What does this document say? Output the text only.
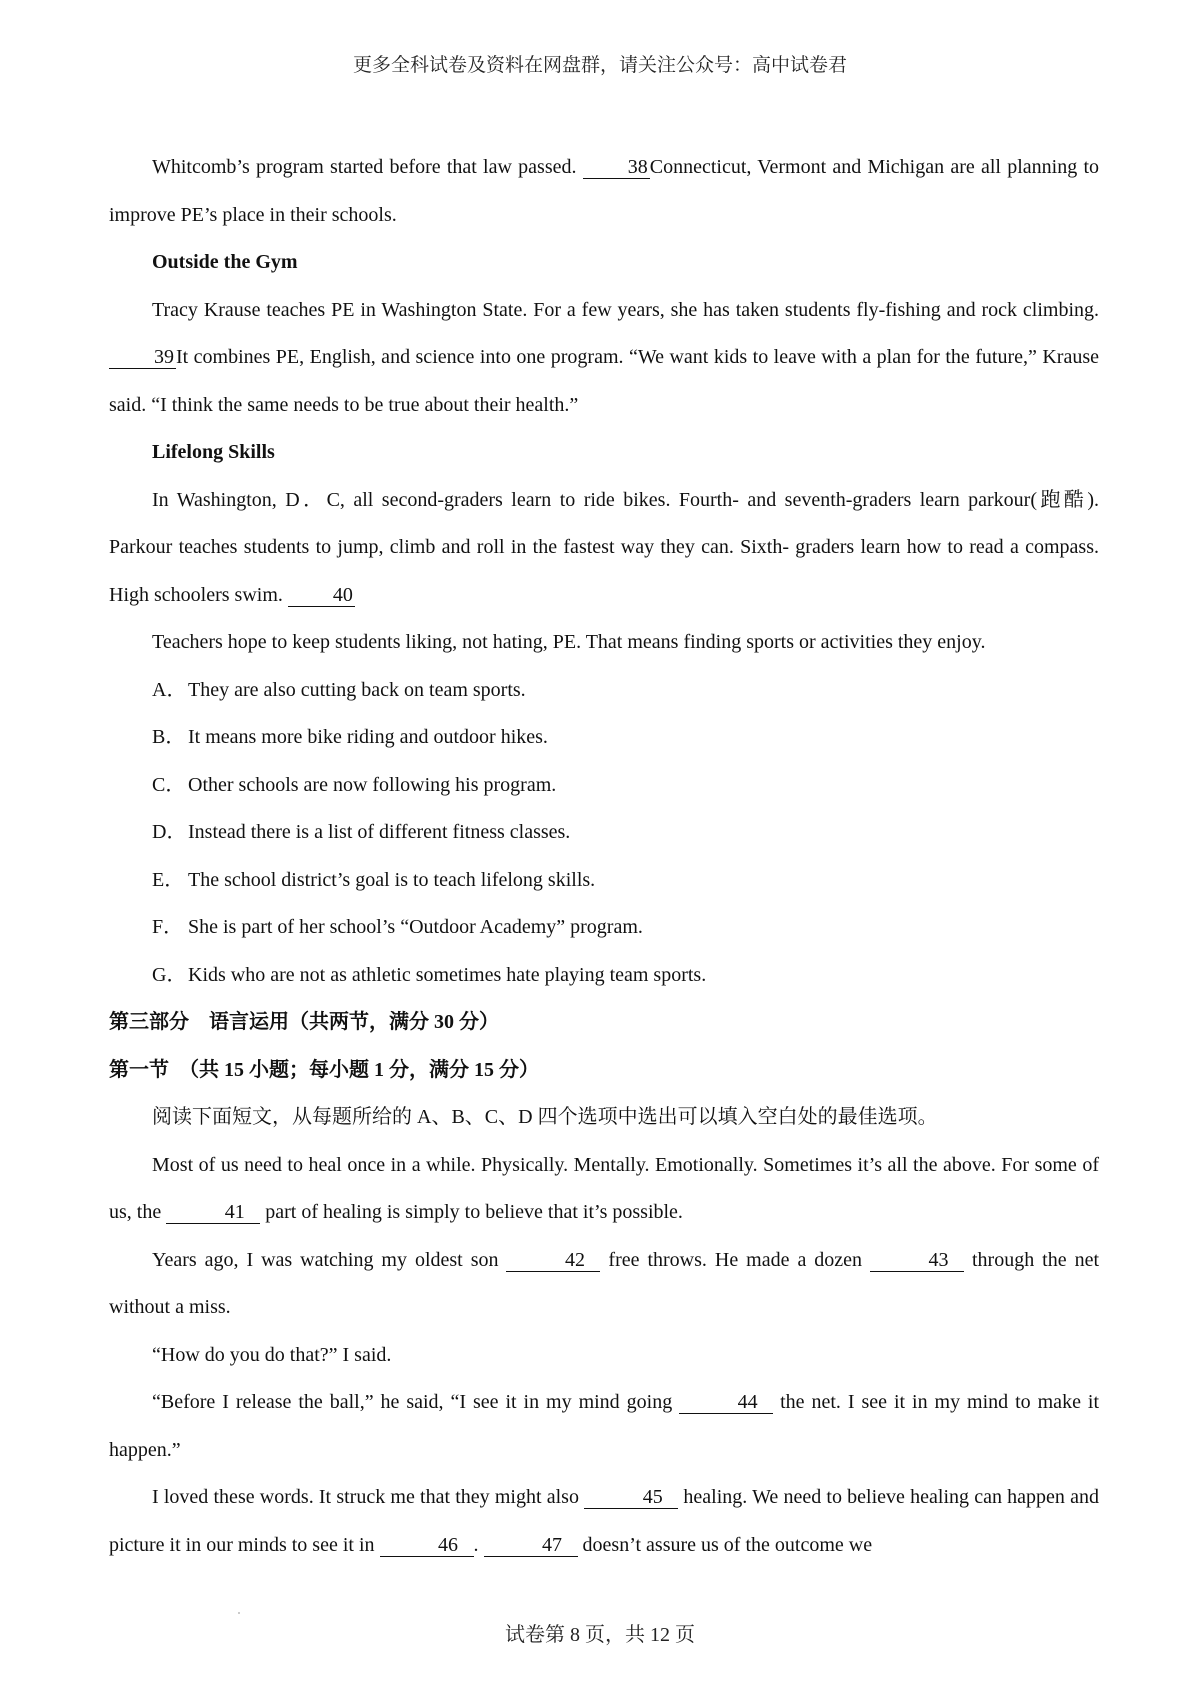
更多全科试卷及资料在网盘群，请关注公众号：高中试卷君

Whitcomb’s program started before that law passed. 38 Connecticut, Vermont and Michigan are all planning to improve PE’s place in their schools.

Outside the Gym

Tracy Krause teaches PE in Washington State. For a few years, she has taken students fly-fishing and rock climbing. 39 It combines PE, English, and science into one program. “We want kids to leave with a plan for the future,” Krause said. “I think the same needs to be true about their health.”

Lifelong Skills

In Washington, D．C, all second-graders learn to ride bikes. Fourth- and seventh-graders learn parkour(跑酷). Parkour teaches students to jump, climb and roll in the fastest way they can. Sixth- graders learn how to read a compass. High schoolers swim. 40

Teachers hope to keep students liking, not hating, PE. That means finding sports or activities they enjoy.

A．They are also cutting back on team sports.

B． It means more bike riding and outdoor hikes.

C． Other schools are now following his program.

D．Instead there is a list of different fitness classes.

E． The school district’s goal is to teach lifelong skills.

F． She is part of her school’s “Outdoor Academy” program.

G．Kids who are not as athletic sometimes hate playing team sports.

第三部分　语言运用（共两节，满分 30 分）

第一节　（共 15 小题；每小题 1 分，满分 15 分）

阅读下面短文，从每题所给的 A、B、C、D 四个选项中选出可以填入空白处的最佳选项。

Most of us need to heal once in a while. Physically. Mentally. Emotionally. Sometimes it’s all the above. For some of us, the	41 part of healing is simply to believe that it’s possible.

Years ago, I was watching my oldest son	42 free throws. He made a dozen	43 through the net without a miss.

“How do you do that?” I said.

“Before I release the ball,” he said, “I see it in my mind going	44 the net. I see it in my mind to make it happen.”

I loved these words. It struck me that they might also	45 healing. We need to believe healing can happen and picture it in our minds to see it in	46 .	47 doesn’t assure us of the outcome we

试卷第 8 页，共 12 页
